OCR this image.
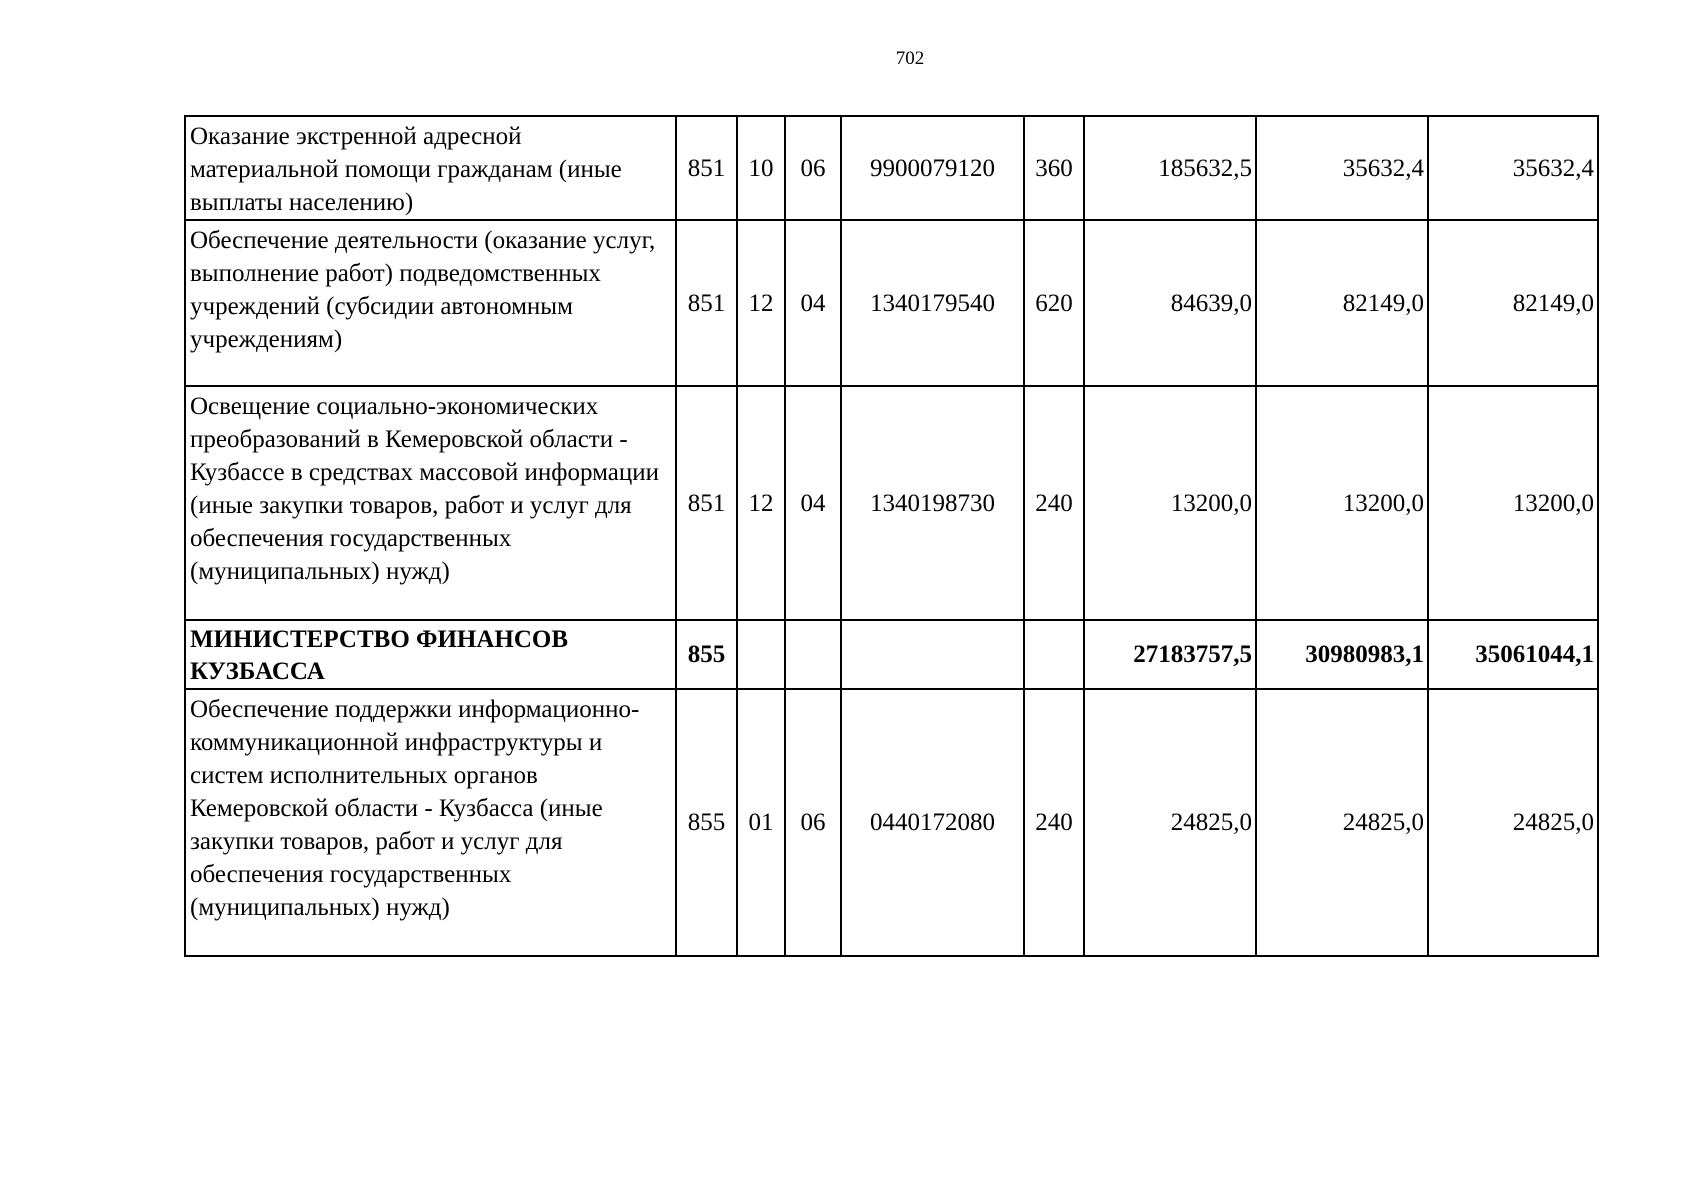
702
Оказание экстренной адресной материальной помощи гражданам (иные выплаты населению)	851	10	06	9900079120	360	185632,5	35632,4	35632,4
Обеспечение деятельности (оказание услуг, выполнение работ) подведомственных учреждений (субсидии автономным учреждениям)	851	12	04	1340179540	620	84639,0	82149,0	82149,0
Освещение социально-экономических преобразований в Кемеровской области - Кузбассе в средствах массовой информации (иные закупки товаров, работ и услуг для обеспечения государственных (муниципальных) нужд)	851	12	04	1340198730	240	13200,0	13200,0	13200,0
МИНИСТЕРСТВО ФИНАНСОВ КУЗБАССА	855					27183757,5	30980983,1	35061044,1
Обеспечение поддержки информационно-коммуникационной инфраструктуры и систем исполнительных органов Кемеровской области - Кузбасса (иные закупки товаров, работ и услуг для обеспечения государственных (муниципальных) нужд)	855	01	06	0440172080	240	24825,0	24825,0	24825,0
